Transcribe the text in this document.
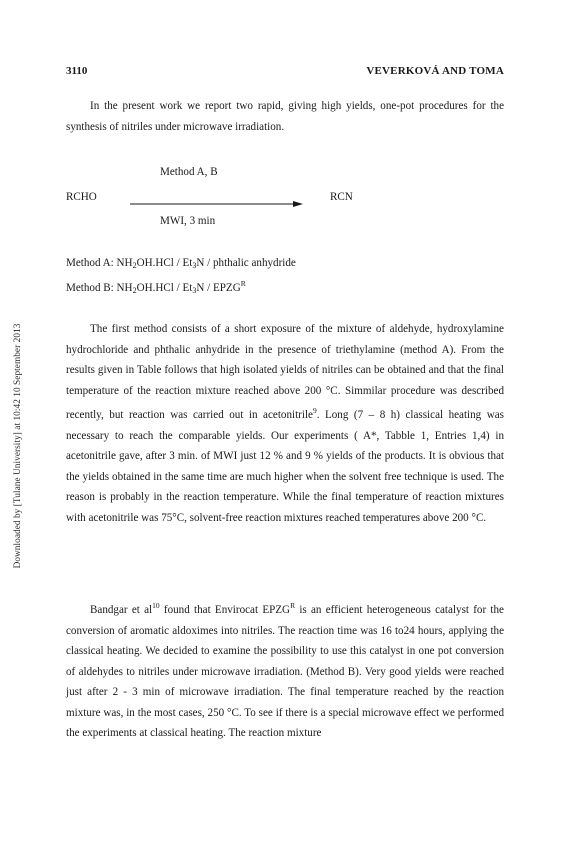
Downloaded by [Tulane University] at 10:42 10 September 2013
3110	VEVERKOVÁ AND TOMA
In the present work we report two rapid, giving high yields, one-pot procedures for the synthesis of nitriles under microwave irradiation.
Method A, B
RCHO	RCN
MWI, 3 min
Method A: $NH_2OH.HCl / Et_3N$ / phthalic anhydride
Method B: $NH_2OH.HCl / Et_3N$ / $EPZG^R$
The first method consists of a short exposure of the mixture of aldehyde, hydroxylamine hydrochloride and phthalic anhydride in the presence of triethylamine (method A). From the results given in Table follows that high isolated yields of nitriles can be obtained and that the final temperature of the reaction mixture reached above 200 °C. Simmilar procedure was described recently, but reaction was carried out in acetonitrile$^9$. Long (7 – 8 h) classical heating was necessary to reach the comparable yields. Our experiments ( A*, Tabble 1, Entries 1,4) in acetonitrile gave, after 3 min. of MWI just 12 % and 9 % yields of the products. It is obvious that the yields obtained in the same time are much higher when the solvent free technique is used. The reason is probably in the reaction temperature. While the final temperature of reaction mixtures with acetonitrile was 75°C, solvent-free reaction mixtures reached temperatures above 200 °C.
Bandgar et $al^{10}$ found that Envirocat $EPZG^R$ is an efficient heterogeneous catalyst for the conversion of aromatic aldoximes into nitriles. The reaction time was 16 to24 hours, applying the classical heating. We decided to examine the possibility to use this catalyst in one pot conversion of aldehydes to nitriles under microwave irradiation. (Method B). Very good yields were reached just after 2 - 3 min of microwave irradiation. The final temperature reached by the reaction mixture was, in the most cases, 250 °C. To see if there is a special microwave effect we performed the experiments at classical heating. The reaction mixture
